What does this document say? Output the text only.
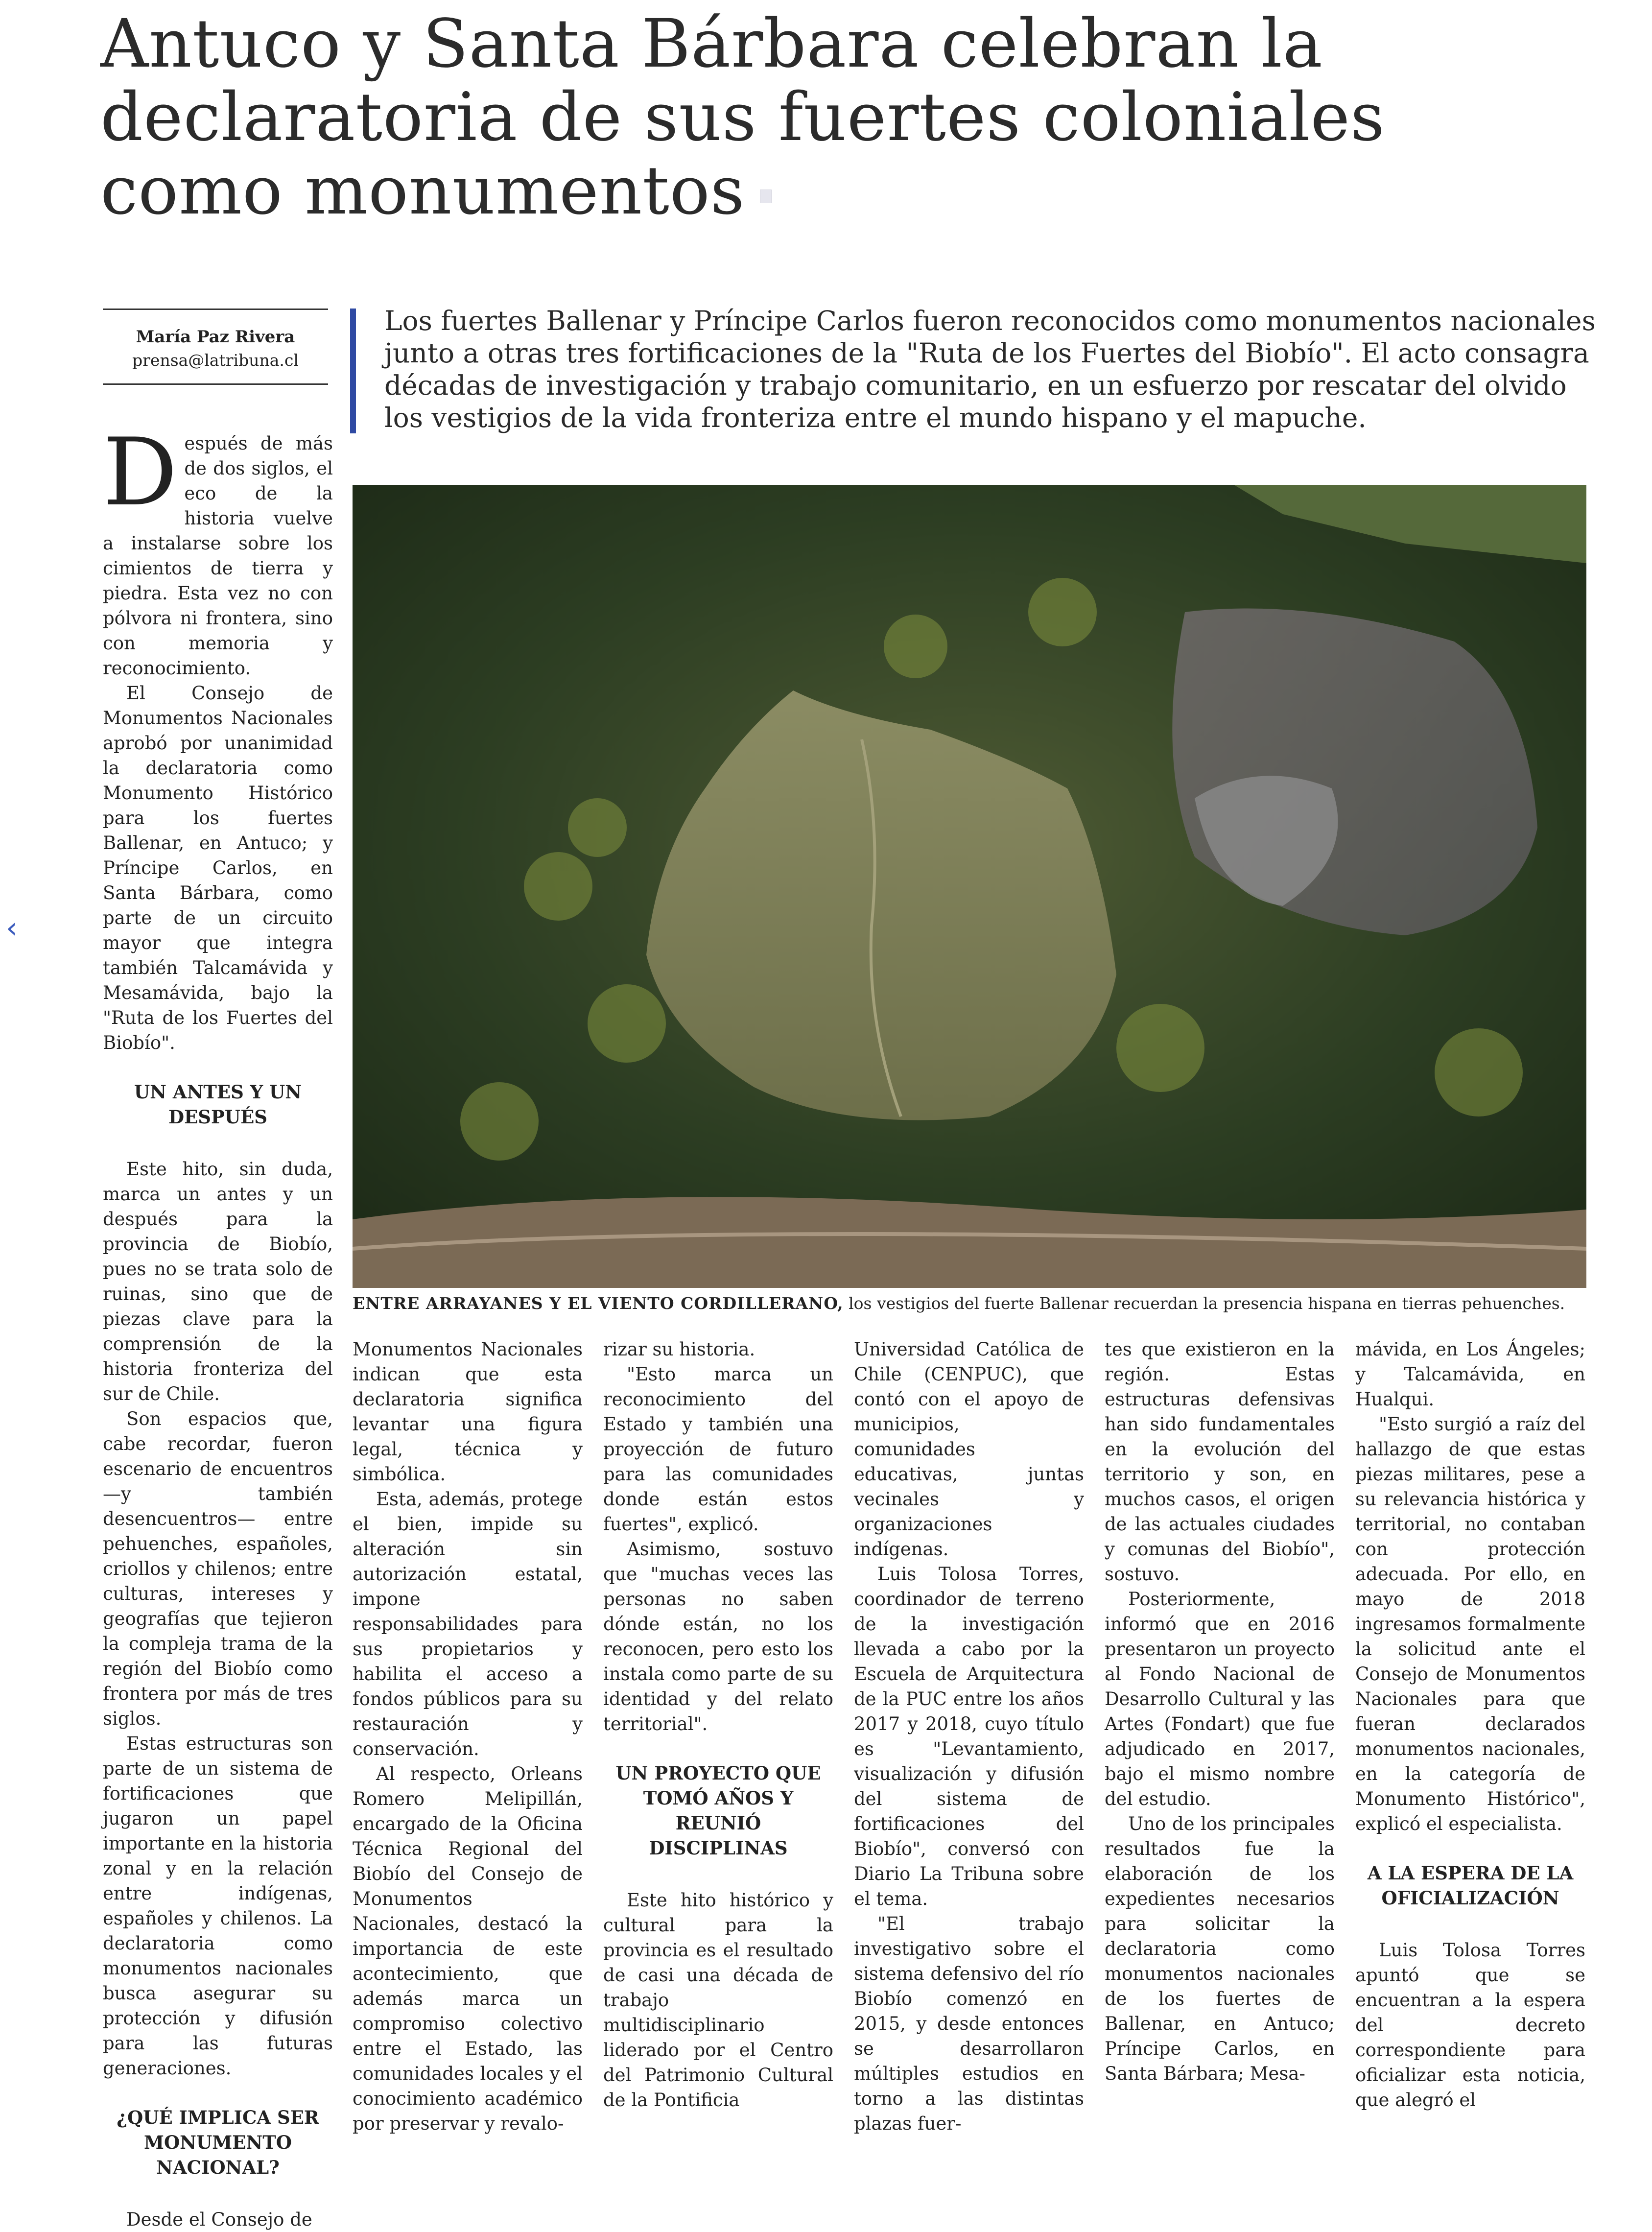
Antuco y Santa Bárbara celebran la
declaratoria de sus fuertes coloniales
como monumentos
María Paz Rivera
prensa@latribuna.cl

Los fuertes Ballenar y Príncipe Carlos fueron reconocidos como monumentos nacionales junto a otras tres fortificaciones de la "Ruta de los Fuertes del Biobío". El acto consagra décadas de investigación y trabajo comunitario, en un esfuerzo por rescatar del olvido los vestigios de la vida fronteriza entre el mundo hispano y el mapuche.

ENTRE ARRAYANES Y EL VIENTO CORDILLERANO, los vestigios del fuerte Ballenar recuerdan la presencia hispana en tierras pehuenches.

Después de más de dos siglos, el eco de la historia vuelve a instalarse sobre los cimientos de tierra y piedra. Esta vez no con pólvora ni frontera, sino con memoria y reconocimiento.

El Consejo de Monumentos Nacionales aprobó por unanimidad la declaratoria como Monumento Histórico para los fuertes Ballenar, en Antuco; y Príncipe Carlos, en Santa Bárbara, como parte de un circuito mayor que integra también Talcamávida y Mesamávida, bajo la "Ruta de los Fuertes del Biobío".

UN ANTES Y UN DESPUÉS

Este hito, sin duda, marca un antes y un después para la provincia de Biobío, pues no se trata solo de ruinas, sino que de piezas clave para la comprensión de la historia fronteriza del sur de Chile.

Son espacios que, cabe recordar, fueron escenario de encuentros —y también desencuentros— entre pehuenches, españoles, criollos y chilenos; entre culturas, intereses y geografías que tejieron la compleja trama de la región del Biobío como frontera por más de tres siglos.

Estas estructuras son parte de un sistema de fortificaciones que jugaron un papel importante en la historia zonal y en la relación entre indígenas, españoles y chilenos. La declaratoria como monumentos nacionales busca asegurar su protección y difusión para las futuras generaciones.

¿QUÉ IMPLICA SER MONUMENTO NACIONAL?

Desde el Consejo de

Monumentos Nacionales indican que esta declaratoria significa levantar una figura legal, técnica y simbólica.

Esta, además, protege el bien, impide su alteración sin autorización estatal, impone responsabilidades para sus propietarios y habilita el acceso a fondos públicos para su restauración y conservación.

Al respecto, Orleans Romero Melipillán, encargado de la Oficina Técnica Regional del Biobío del Consejo de Monumentos Nacionales, destacó la importancia de este acontecimiento, que además marca un compromiso colectivo entre el Estado, las comunidades locales y el conocimiento académico por preservar y revalo-

rizar su historia.

"Esto marca un reconocimiento del Estado y también una proyección de futuro para las comunidades donde están estos fuertes", explicó.

Asimismo, sostuvo que "muchas veces las personas no saben dónde están, no los reconocen, pero esto los instala como parte de su identidad y del relato territorial".

UN PROYECTO QUE TOMÓ AÑOS Y REUNIÓ DISCIPLINAS

Este hito histórico y cultural para la provincia es el resultado de casi una década de trabajo multidisciplinario liderado por el Centro del Patrimonio Cultural de la Pontificia

Universidad Católica de Chile (CENPUC), que contó con el apoyo de municipios, comunidades educativas, juntas vecinales y organizaciones indígenas.

Luis Tolosa Torres, coordinador de terreno de la investigación llevada a cabo por la Escuela de Arquitectura de la PUC entre los años 2017 y 2018, cuyo título es "Levantamiento, visualización y difusión del sistema de fortificaciones del Biobío", conversó con Diario La Tribuna sobre el tema.

"El trabajo investigativo sobre el sistema defensivo del río Biobío comenzó en 2015, y desde entonces se desarrollaron múltiples estudios en torno a las distintas plazas fuer-

tes que existieron en la región. Estas estructuras defensivas han sido fundamentales en la evolución del territorio y son, en muchos casos, el origen de las actuales ciudades y comunas del Biobío", sostuvo.

Posteriormente, informó que en 2016 presentaron un proyecto al Fondo Nacional de Desarrollo Cultural y las Artes (Fondart) que fue adjudicado en 2017, bajo el mismo nombre del estudio.

Uno de los principales resultados fue la elaboración de los expedientes necesarios para solicitar la declaratoria como monumentos nacionales de los fuertes de Ballenar, en Antuco; Príncipe Carlos, en Santa Bárbara; Mesa-

mávida, en Los Ángeles; y Talcamávida, en Hualqui.

"Esto surgió a raíz del hallazgo de que estas piezas militares, pese a su relevancia histórica y territorial, no contaban con protección adecuada. Por ello, en mayo de 2018 ingresamos formalmente la solicitud ante el Consejo de Monumentos Nacionales para que fueran declarados monumentos nacionales, en la categoría de Monumento Histórico", explicó el especialista.

A LA ESPERA DE LA OFICIALIZACIÓN

Luis Tolosa Torres apuntó que se encuentran a la espera del decreto correspondiente para oficializar esta noticia, que alegró el

‹
